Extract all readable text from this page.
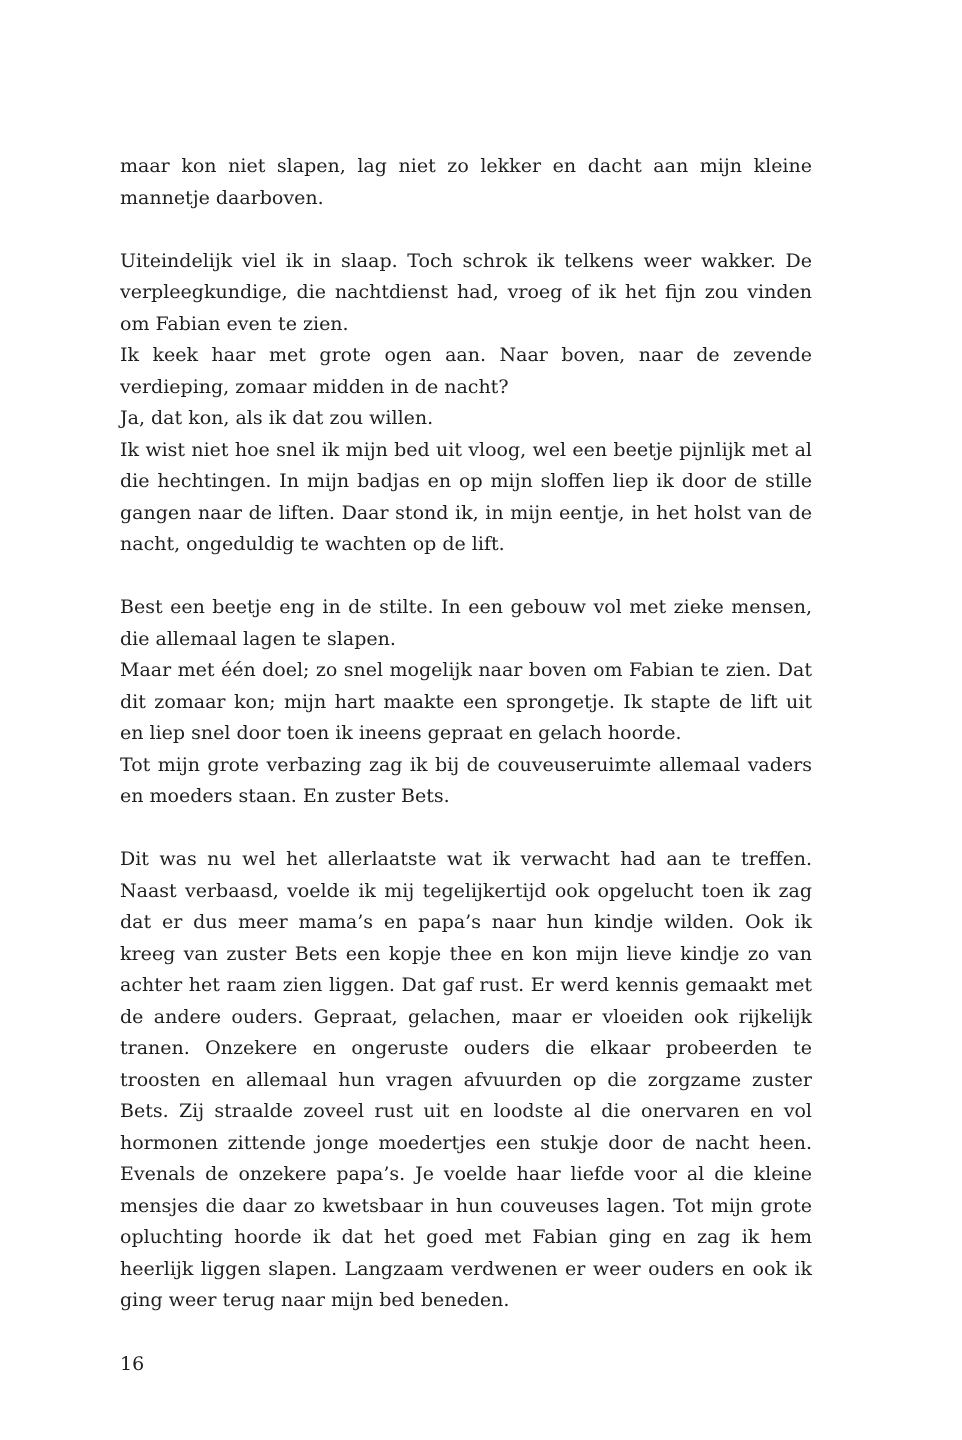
maar kon niet slapen, lag niet zo lekker en dacht aan mijn kleine mannetje daarboven.

Uiteindelijk viel ik in slaap. Toch schrok ik telkens weer wakker. De verpleegkundige, die nachtdienst had, vroeg of ik het fijn zou vinden om Fabian even te zien.

Ik keek haar met grote ogen aan. Naar boven, naar de zevende verdieping, zomaar midden in de nacht?

Ja, dat kon, als ik dat zou willen.

Ik wist niet hoe snel ik mijn bed uit vloog, wel een beetje pijnlijk met al die hechtingen. In mijn badjas en op mijn sloffen liep ik door de stille gangen naar de liften. Daar stond ik, in mijn eentje, in het holst van de nacht, ongeduldig te wachten op de lift.

Best een beetje eng in de stilte. In een gebouw vol met zieke mensen, die allemaal lagen te slapen.

Maar met één doel; zo snel mogelijk naar boven om Fabian te zien. Dat dit zomaar kon; mijn hart maakte een sprongetje. Ik stapte de lift uit en liep snel door toen ik ineens gepraat en gelach hoorde.

Tot mijn grote verbazing zag ik bij de couveuseruimte allemaal vaders en moeders staan. En zuster Bets.

Dit was nu wel het allerlaatste wat ik verwacht had aan te treffen. Naast verbaasd, voelde ik mij tegelijkertijd ook opgelucht toen ik zag dat er dus meer mama’s en papa’s naar hun kindje wilden. Ook ik kreeg van zuster Bets een kopje thee en kon mijn lieve kindje zo van achter het raam zien liggen. Dat gaf rust. Er werd kennis gemaakt met de andere ouders. Gepraat, gelachen, maar er vloeiden ook rijkelijk tranen. Onzekere en ongeruste ouders die elkaar probeerden te troosten en allemaal hun vragen afvuurden op die zorgzame zuster Bets. Zij straalde zoveel rust uit en loodste al die onervaren en vol hormonen zittende jonge moedertjes een stukje door de nacht heen. Evenals de onzekere papa’s. Je voelde haar liefde voor al die kleine mensjes die daar zo kwetsbaar in hun couveuses lagen. Tot mijn grote opluchting hoorde ik dat het goed met Fabian ging en zag ik hem heerlijk liggen slapen. Langzaam verdwenen er weer ouders en ook ik ging weer terug naar mijn bed beneden.

16
